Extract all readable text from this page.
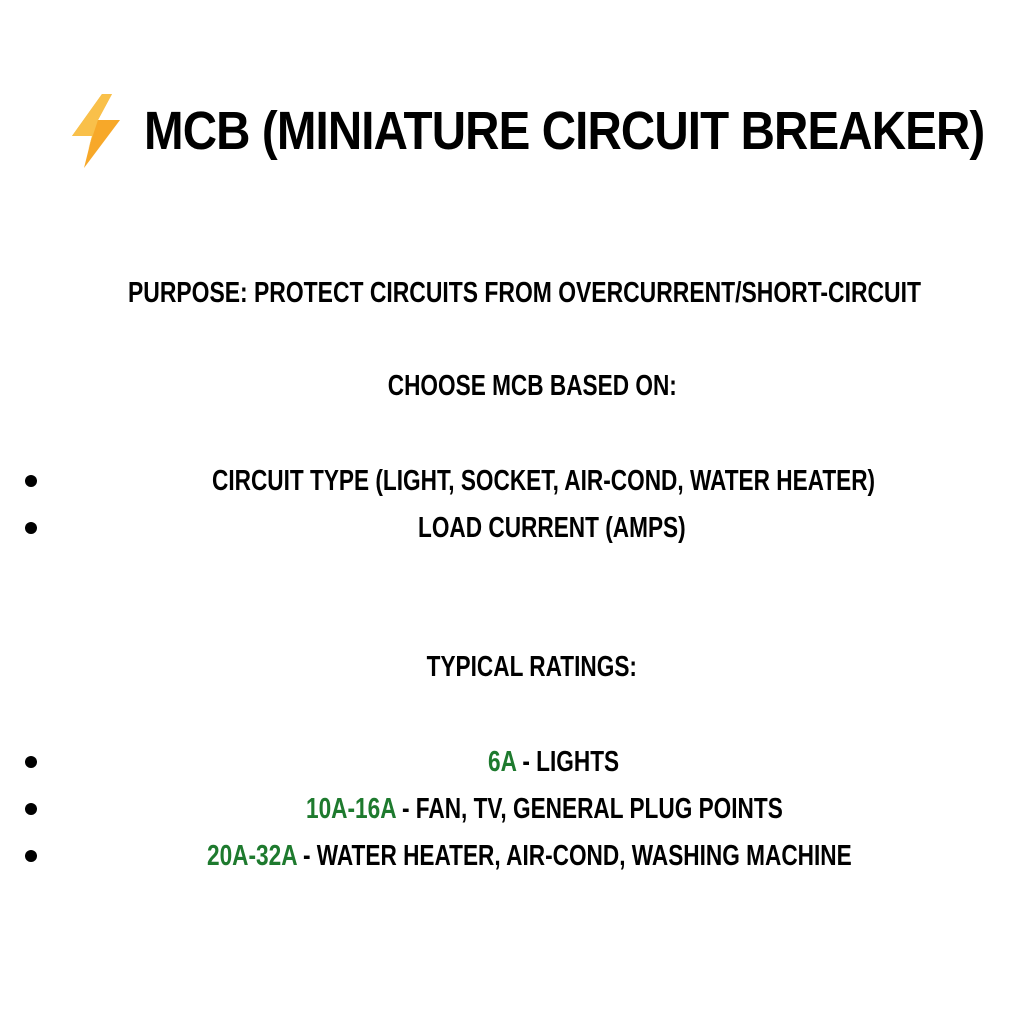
MCB (MINIATURE CIRCUIT BREAKER)
PURPOSE: PROTECT CIRCUITS FROM OVERCURRENT/SHORT-CIRCUIT
CHOOSE MCB BASED ON:
CIRCUIT TYPE (LIGHT, SOCKET, AIR-COND, WATER HEATER)
LOAD CURRENT (AMPS)
TYPICAL RATINGS:
6A - LIGHTS
10A-16A - FAN, TV, GENERAL PLUG POINTS
20A-32A - WATER HEATER, AIR-COND, WASHING MACHINE
